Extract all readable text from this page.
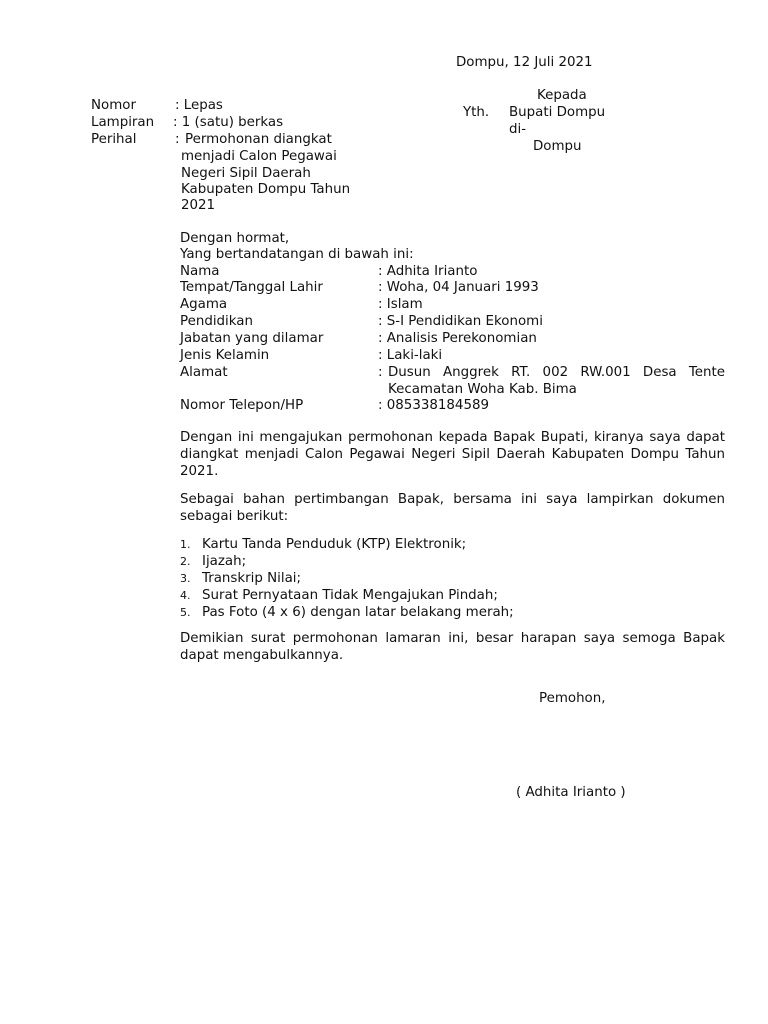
Dompu, 12 Juli 2021
Kepada
Yth. Bupati Dompu
di-
Dompu
Nomor	: Lepas
Lampiran : 1 (satu) berkas
Perihal	: Permohonan diangkat
menjadi Calon Pegawai
Negeri Sipil Daerah
Kabupaten Dompu Tahun
2021
Dengan hormat,
Yang bertandatangan di bawah ini:
Nama	: Adhita Irianto
Tempat/Tanggal Lahir	: Woha, 04 Januari 1993
Agama	: Islam
Pendidikan	: S-I Pendidikan Ekonomi
Jabatan yang dilamar	: Analisis Perekonomian
Jenis Kelamin	: Laki-laki
Alamat	: Dusun Anggrek RT. 002 RW.001 Desa Tente Kecamatan Woha Kab. Bima
Nomor Telepon/HP	: 085338184589
Dengan ini mengajukan permohonan kepada Bapak Bupati, kiranya saya dapat diangkat menjadi Calon Pegawai Negeri Sipil Daerah Kabupaten Dompu Tahun 2021.
Sebagai bahan pertimbangan Bapak, bersama ini saya lampirkan dokumen sebagai berikut:
1. Kartu Tanda Penduduk (KTP) Elektronik;
2. Ijazah;
3. Transkrip Nilai;
4. Surat Pernyataan Tidak Mengajukan Pindah;
5. Pas Foto (4 x 6) dengan latar belakang merah;
Demikian surat permohonan lamaran ini, besar harapan saya semoga Bapak dapat mengabulkannya.
Pemohon,
( Adhita Irianto )
